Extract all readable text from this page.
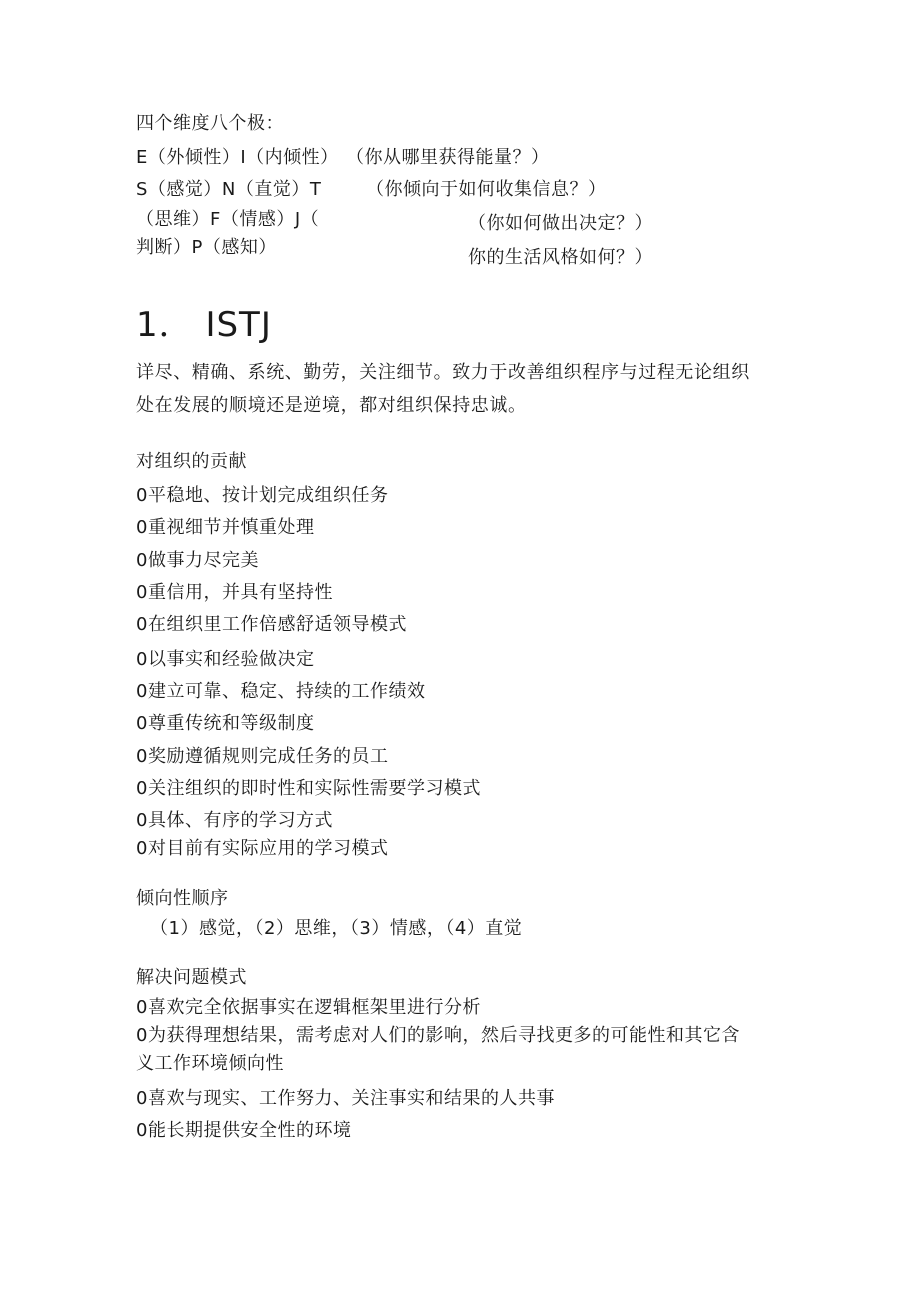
四个维度八个极：
E（外倾性）I（内倾性） （你从哪里获得能量？）
S（感觉）N（直觉）T （你倾向于如何收集信息？）
（思维）F（情感）J（	（你如何做出决定？）
判断）P（感知）	你的生活风格如何？）
1． ISTJ
详尽、精确、系统、勤劳，关注细节。致力于改善组织程序与过程无论组织
处在发展的顺境还是逆境，都对组织保持忠诚。
对组织的贡献
0平稳地、按计划完成组织任务
0重视细节并慎重处理
0做事力尽完美
0重信用，并具有坚持性
0在组织里工作倍感舒适领导模式
0以事实和经验做决定
0建立可靠、稳定、持续的工作绩效
0尊重传统和等级制度
0奖励遵循规则完成任务的员工
0关注组织的即时性和实际性需要学习模式
0具体、有序的学习方式
0对目前有实际应用的学习模式
倾向性顺序
（1）感觉，（2）思维，（3）情感，（4）直觉
解决问题模式
0喜欢完全依据事实在逻辑框架里进行分析
0为获得理想结果，需考虑对人们的影响，然后寻找更多的可能性和其它含
义工作环境倾向性
0喜欢与现实、工作努力、关注事实和结果的人共事
0能长期提供安全性的环境
